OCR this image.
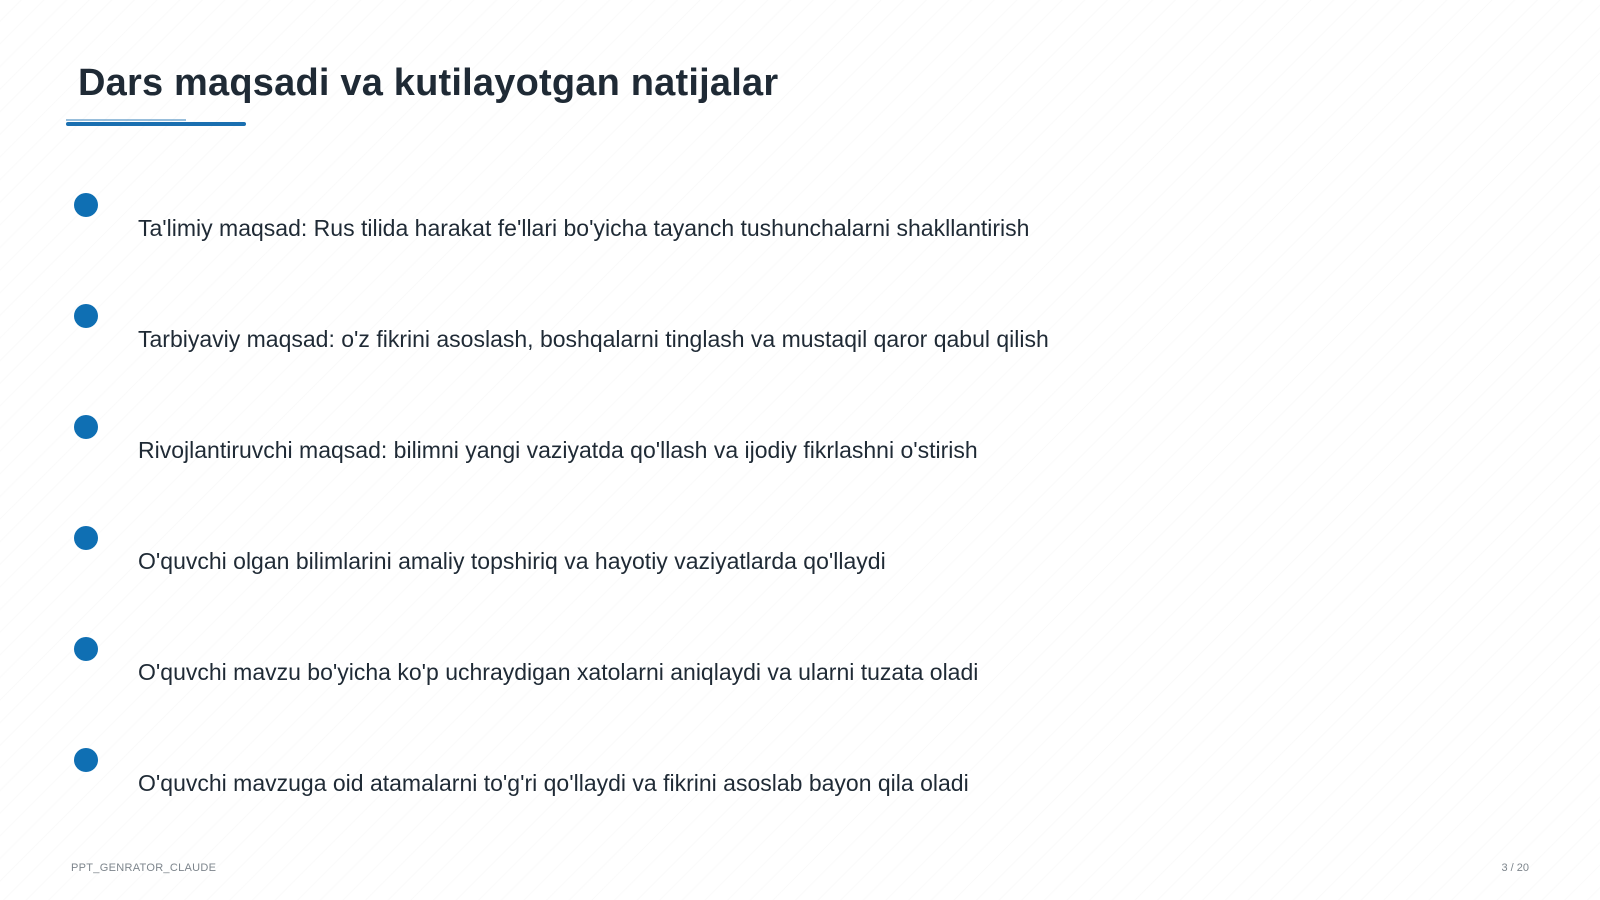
Dars maqsadi va kutilayotgan natijalar
Ta'limiy maqsad: Rus tilida harakat fe'llari bo'yicha tayanch tushunchalarni shakllantirish
Tarbiyaviy maqsad: o'z fikrini asoslash, boshqalarni tinglash va mustaqil qaror qabul qilish
Rivojlantiruvchi maqsad: bilimni yangi vaziyatda qo'llash va ijodiy fikrlashni o'stirish
O'quvchi olgan bilimlarini amaliy topshiriq va hayotiy vaziyatlarda qo'llaydi
O'quvchi mavzu bo'yicha ko'p uchraydigan xatolarni aniqlaydi va ularni tuzata oladi
O'quvchi mavzuga oid atamalarni to'g'ri qo'llaydi va fikrini asoslab bayon qila oladi
PPT_GENRATOR_CLAUDE	3 / 20
